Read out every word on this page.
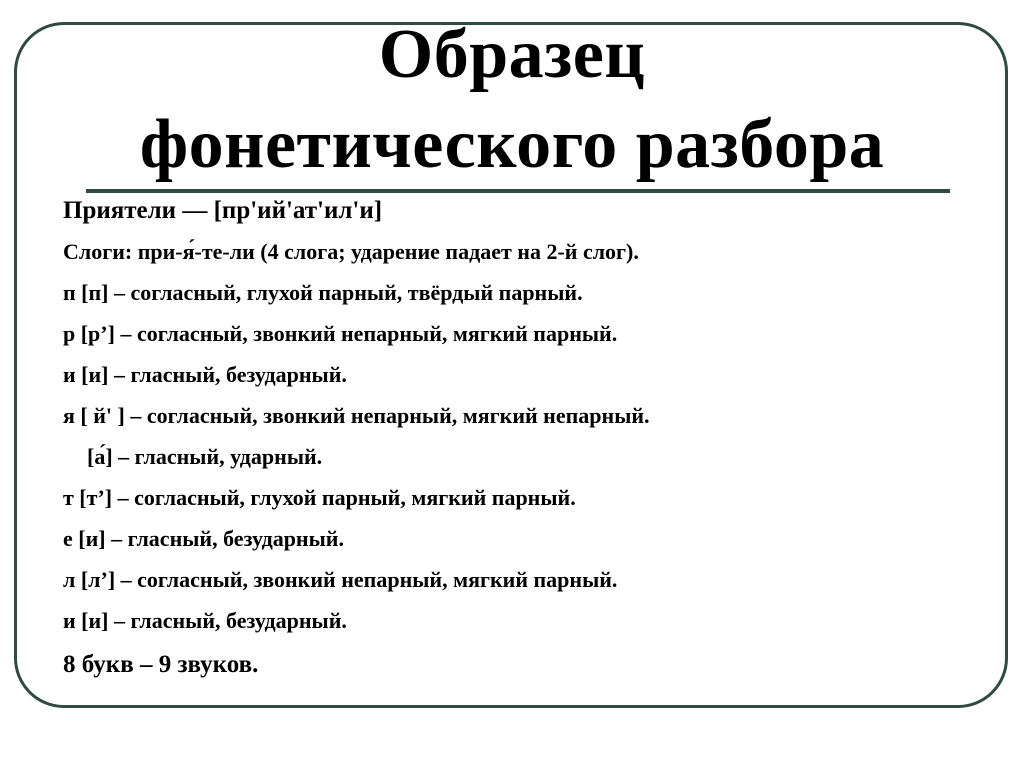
Образец
фонетического разбора
Приятели — [пр'ий'ат'ил'и]
Слоги: при-я́-те-ли (4 слога; ударение падает на 2-й слог).
п [п] – согласный, глухой парный, твёрдый парный.
р [р’] – согласный, звонкий непарный, мягкий парный.
и [и] – гласный, безударный.
я [ й' ] – согласный, звонкий непарный, мягкий непарный.
[а́] – гласный, ударный.
т [т’] – согласный, глухой парный, мягкий парный.
е [и] – гласный, безударный.
л [л’] – согласный, звонкий непарный, мягкий парный.
и [и] – гласный, безударный.
8 букв – 9 звуков.
